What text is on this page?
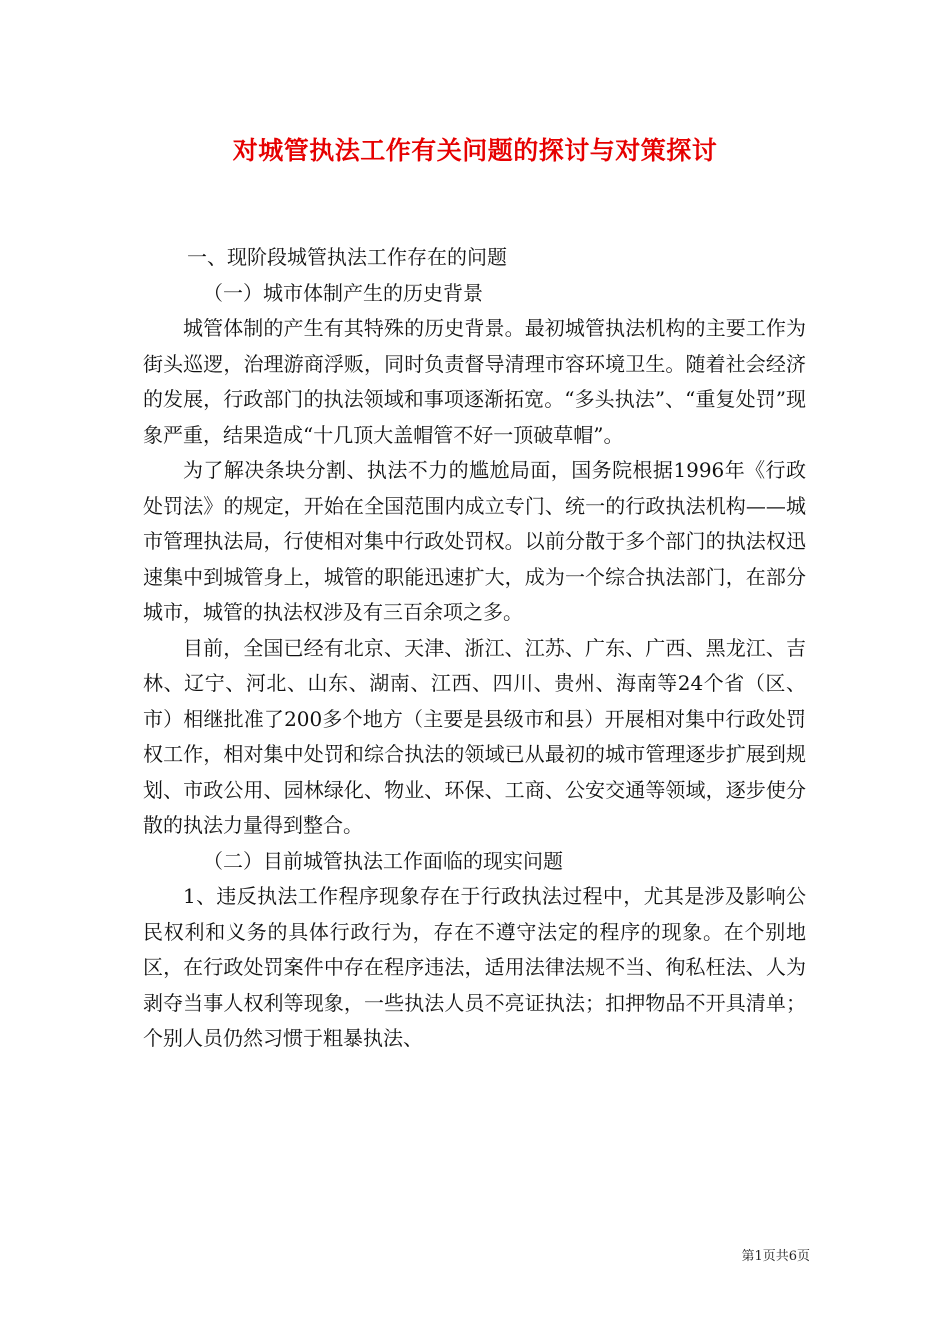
对城管执法工作有关问题的探讨与对策探讨

一、现阶段城管执法工作存在的问题

（一）城市体制产生的历史背景

城管体制的产生有其特殊的历史背景。最初城管执法机构的主要工作为街头巡逻，治理游商浮贩，同时负责督导清理市容环境卫生。随着社会经济的发展，行政部门的执法领域和事项逐渐拓宽。“多头执法”、“重复处罚”现象严重，结果造成“十几顶大盖帽管不好一顶破草帽”。

为了解决条块分割、执法不力的尴尬局面，国务院根据1996年《行政处罚法》的规定，开始在全国范围内成立专门、统一的行政执法机构——城市管理执法局，行使相对集中行政处罚权。以前分散于多个部门的执法权迅速集中到城管身上，城管的职能迅速扩大，成为一个综合执法部门，在部分城市，城管的执法权涉及有三百余项之多。

目前，全国已经有北京、天津、浙江、江苏、广东、广西、黑龙江、吉林、辽宁、河北、山东、湖南、江西、四川、贵州、海南等24个省（区、市）相继批准了200多个地方（主要是县级市和县）开展相对集中行政处罚权工作，相对集中处罚和综合执法的领域已从最初的城市管理逐步扩展到规划、市政公用、园林绿化、物业、环保、工商、公安交通等领域，逐步使分散的执法力量得到整合。

（二）目前城管执法工作面临的现实问题

1、违反执法工作程序现象存在于行政执法过程中，尤其是涉及影响公民权利和义务的具体行政行为，存在不遵守法定的程序的现象。在个别地区，在行政处罚案件中存在程序违法，适用法律法规不当、徇私枉法、人为剥夺当事人权利等现象，一些执法人员不亮证执法；扣押物品不开具清单；个别人员仍然习惯于粗暴执法、

第1页共6页
